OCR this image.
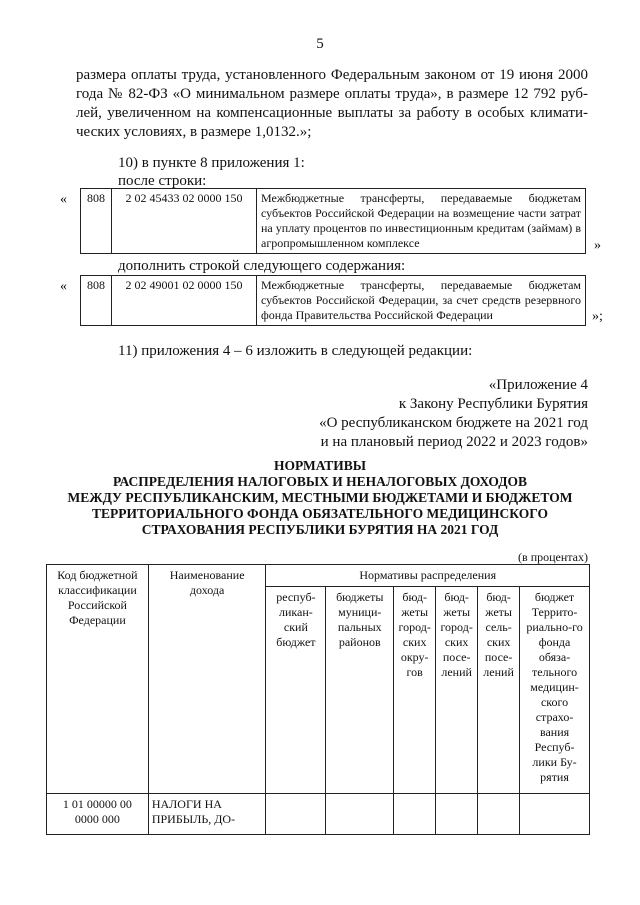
5
размера оплаты труда, установленного Федеральным законом от 19 июня 2000
года № 82-ФЗ «О минимальном размере оплаты труда», в размере 12 792 руб-
лей, увеличенном на компенсационные выплаты за работу в особых климати-
ческих условиях, в размере 1,0132.»;
10) в пункте 8 приложения 1:
после строки:
« 808	2 02 45433 02 0000 150	Межбюджетные трансферты, передаваемые бюджетам субъектов Российской Федерации на возмещение части затрат на уплату процентов по инвестиционным кредитам (займам) в агропромышленном комплексе	»
дополнить строкой следующего содержания:
« 808	2 02 49001 02 0000 150	Межбюджетные трансферты, передаваемые бюджетам субъектов Российской Федерации, за счет средств резервного фонда Правительства Российской Федерации	»;
11) приложения 4 – 6 изложить в следующей редакции:
«Приложение 4
к Закону Республики Бурятия
«О республиканском бюджете на 2021 год
и на плановый период 2022 и 2023 годов»
НОРМАТИВЫ
РАСПРЕДЕЛЕНИЯ НАЛОГОВЫХ И НЕНАЛОГОВЫХ ДОХОДОВ
МЕЖДУ РЕСПУБЛИКАНСКИМ, МЕСТНЫМИ БЮДЖЕТАМИ И БЮДЖЕТОМ
ТЕРРИТОРИАЛЬНОГО ФОНДА ОБЯЗАТЕЛЬНОГО МЕДИЦИНСКОГО
СТРАХОВАНИЯ РЕСПУБЛИКИ БУРЯТИЯ НА 2021 ГОД
(в процентах)
Код бюджетной классификации Российской Федерации	Наименование дохода	Нормативы распределения					
		респуб-ликан-ский бюджет	бюджеты муници-пальных районов	бюд-жеты город-ских окру-гов	бюд-жеты город-ских посе-лений	бюд-жеты сель-ских посе-лений	бюджет Террито-риально-го фонда обяза-тельного медицин-ского страхо-вания Респуб-лики Бу-рятия
1 01 00000 00 0000 000	НАЛОГИ НА ПРИБЫЛЬ, ДО-						
